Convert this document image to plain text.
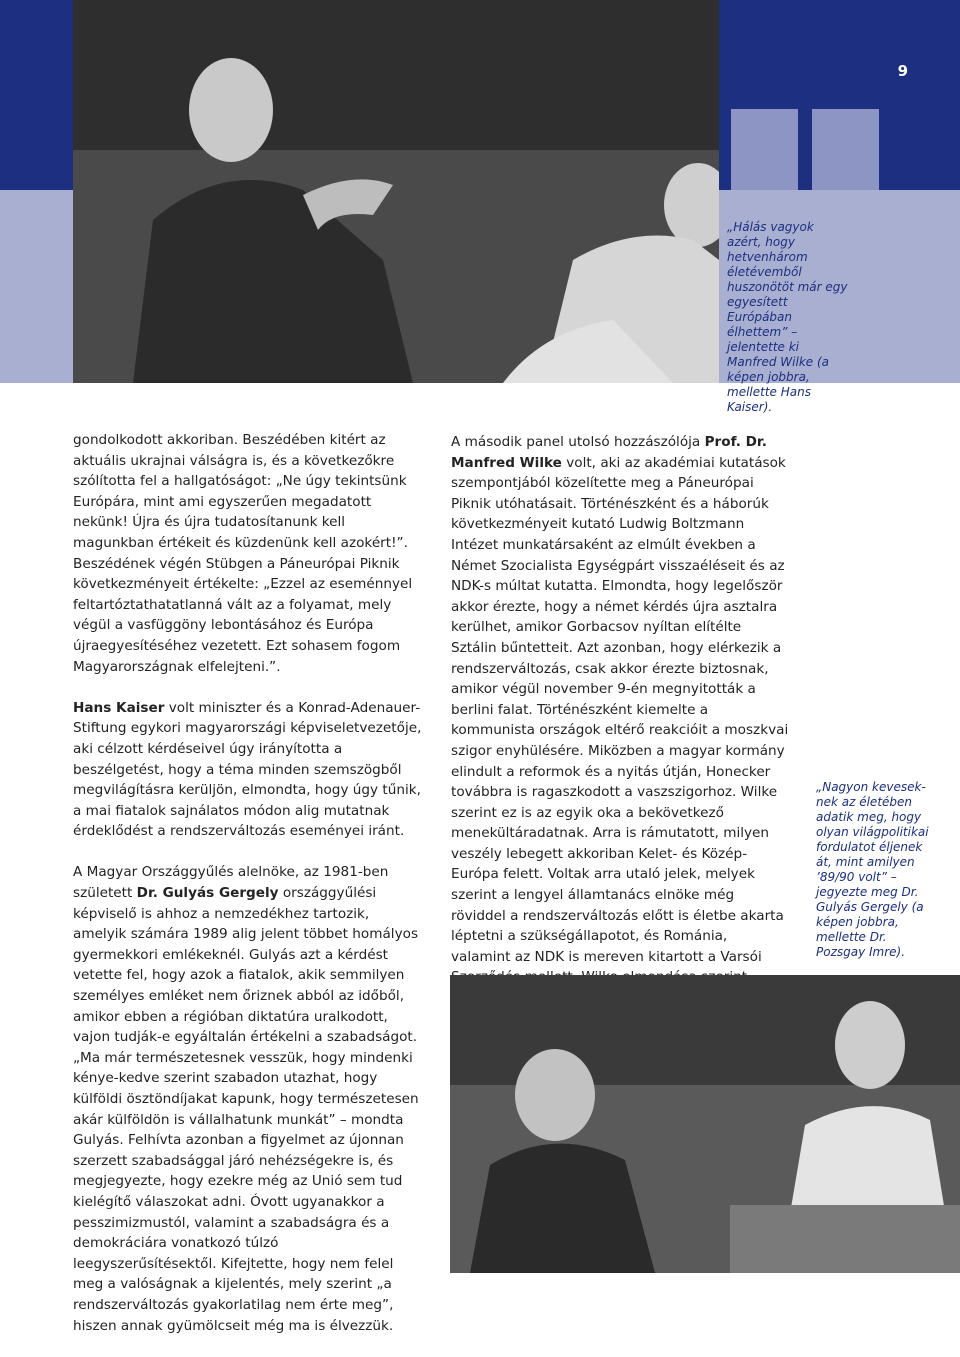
9
„Hálás vagyok azért, hogy hetvenhárom életévemből huszonötöt már egy egyesített Európában élhettem” – jelentette ki Manfred Wilke (a képen jobbra, mellette Hans Kaiser).

gondolkodott akkoriban. Beszédében kitért az aktuális ukrajnai válságra is, és a következőkre szólította fel a hallgatóságot: „Ne úgy tekintsünk Európára, mint ami egyszerűen megadatott nekünk! Újra és újra tudatosítanunk kell magunkban értékeit és küzdenünk kell azokért!”. Beszédének végén Stübgen a Páneurópai Piknik következményeit értékelte: „Ezzel az eseménnyel feltartóztathatatlanná vált az a folyamat, mely végül a vasfüggöny lebontásához és Európa újraegyesítéséhez vezetett. Ezt sohasem fogom Magyarországnak elfelejteni.”.

Hans Kaiser volt miniszter és a Konrad-Adenauer-Stiftung egykori magyarországi képviseletvezetője, aki célzott kérdéseivel úgy irányította a beszélgetést, hogy a téma minden szemszögből megvilágításra kerüljön, elmondta, hogy úgy tűnik, a mai fiatalok sajnálatos módon alig mutatnak érdeklődést a rendszerváltozás eseményei iránt.

A Magyar Országgyűlés alelnöke, az 1981-ben született Dr. Gulyás Gergely országgyűlési képviselő is ahhoz a nemzedékhez tartozik, amelyik számára 1989 alig jelent többet homályos gyermekkori emlékeknél. Gulyás azt a kérdést vetette fel, hogy azok a fiatalok, akik semmilyen személyes emléket nem őriznek abból az időből, amikor ebben a régióban diktatúra uralkodott, vajon tudják-e egyáltalán értékelni a szabadságot. „Ma már természetesnek vesszük, hogy mindenki kénye-kedve szerint szabadon utazhat, hogy külföldi ösztöndíjakat kapunk, hogy természetesen akár külföldön is vállalhatunk munkát” – mondta Gulyás. Felhívta azonban a figyelmet az újonnan szerzett szabadsággal járó nehézségekre is, és megjegyezte, hogy ezekre még az Unió sem tud kielégítő válaszokat adni. Óvott ugyanakkor a pesszimizmustól, valamint a szabadságra és a demokráciára vonatkozó túlzó leegyszerűsítésektől. Kifejtette, hogy nem felel meg a valóságnak a kijelentés, mely szerint „a rendszerváltozás gyakorlatilag nem érte meg”, hiszen annak gyümölcseit még ma is élvezzük.

A második panel utolsó hozzászólója Prof. Dr. Manfred Wilke volt, aki az akadémiai kutatások szempontjából közelítette meg a Páneurópai Piknik utóhatásait. Történészként és a háborúk következményeit kutató Ludwig Boltzmann Intézet munkatársaként az elmúlt években a Német Szocialista Egységpárt visszaéléseit és az NDK-s múltat kutatta. Elmondta, hogy legelőször akkor érezte, hogy a német kérdés újra asztalra kerülhet, amikor Gorbacsov nyíltan elítélte Sztálin bűntetteit. Azt azonban, hogy elérkezik a rendszerváltozás, csak akkor érezte biztosnak, amikor végül november 9-én megnyitották a berlini falat. Történészként kiemelte a kommunista országok eltérő reakcióit a moszkvai szigor enyhülésére. Miközben a magyar kormány elindult a reformok és a nyitás útján, Honecker továbbra is ragaszkodott a vaszszigorhoz. Wilke szerint ez is az egyik oka a bekövetkező menekültáradatnak. Arra is rámutatott, milyen veszély lebegett akkoriban Kelet- és Közép-Európa felett. Voltak arra utaló jelek, melyek szerint a lengyel államtanács elnöke még röviddel a rendszerváltozás előtt is életbe akarta léptetni a szükségállapotot, és Románia, valamint az NDK is mereven kitartott a Varsói

„Nagyon keveseknek az életében adatik meg, hogy olyan világpolitikai fordulatot éljenek át, mint amilyen ’89/90 volt” – jegyezte meg Dr. Gulyás Gergely (a képen jobbra, mellette Dr. Pozsgay Imre).
